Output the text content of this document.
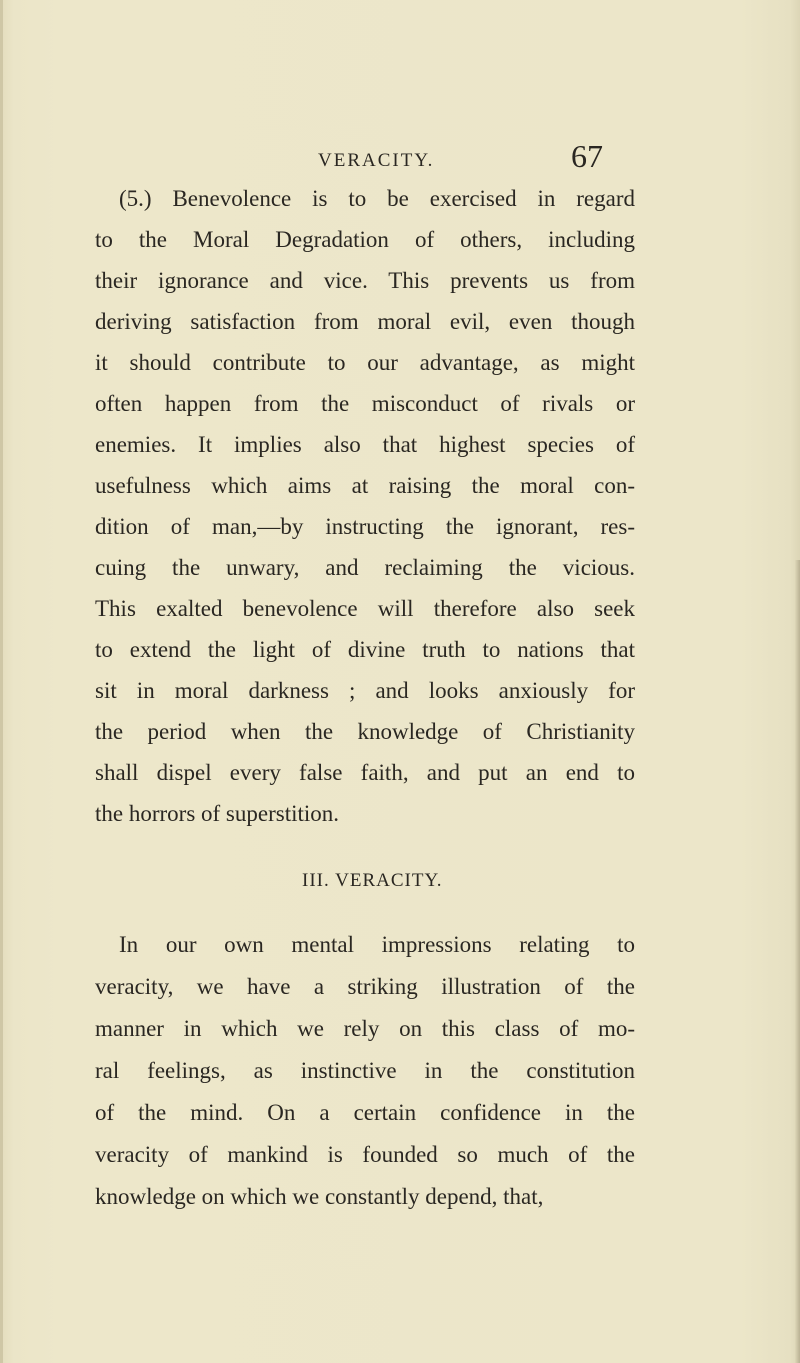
VERACITY.	67
(5.) Benevolence is to be exercised in regard
to the Moral Degradation of others, including
their ignorance and vice. This prevents us from
deriving satisfaction from moral evil, even though
it should contribute to our advantage, as might
often happen from the misconduct of rivals or
enemies. It implies also that highest species of
usefulness which aims at raising the moral con-
dition of man,—by instructing the ignorant, res-
cuing the unwary, and reclaiming the vicious.
This exalted benevolence will therefore also seek
to extend the light of divine truth to nations that
sit in moral darkness ; and looks anxiously for
the period when the knowledge of Christianity
shall dispel every false faith, and put an end to
the horrors of superstition.
III. VERACITY.
In our own mental impressions relating to
veracity, we have a striking illustration of the
manner in which we rely on this class of mo-
ral feelings, as instinctive in the constitution
of the mind. On a certain confidence in the
veracity of mankind is founded so much of the
knowledge on which we constantly depend, that,
